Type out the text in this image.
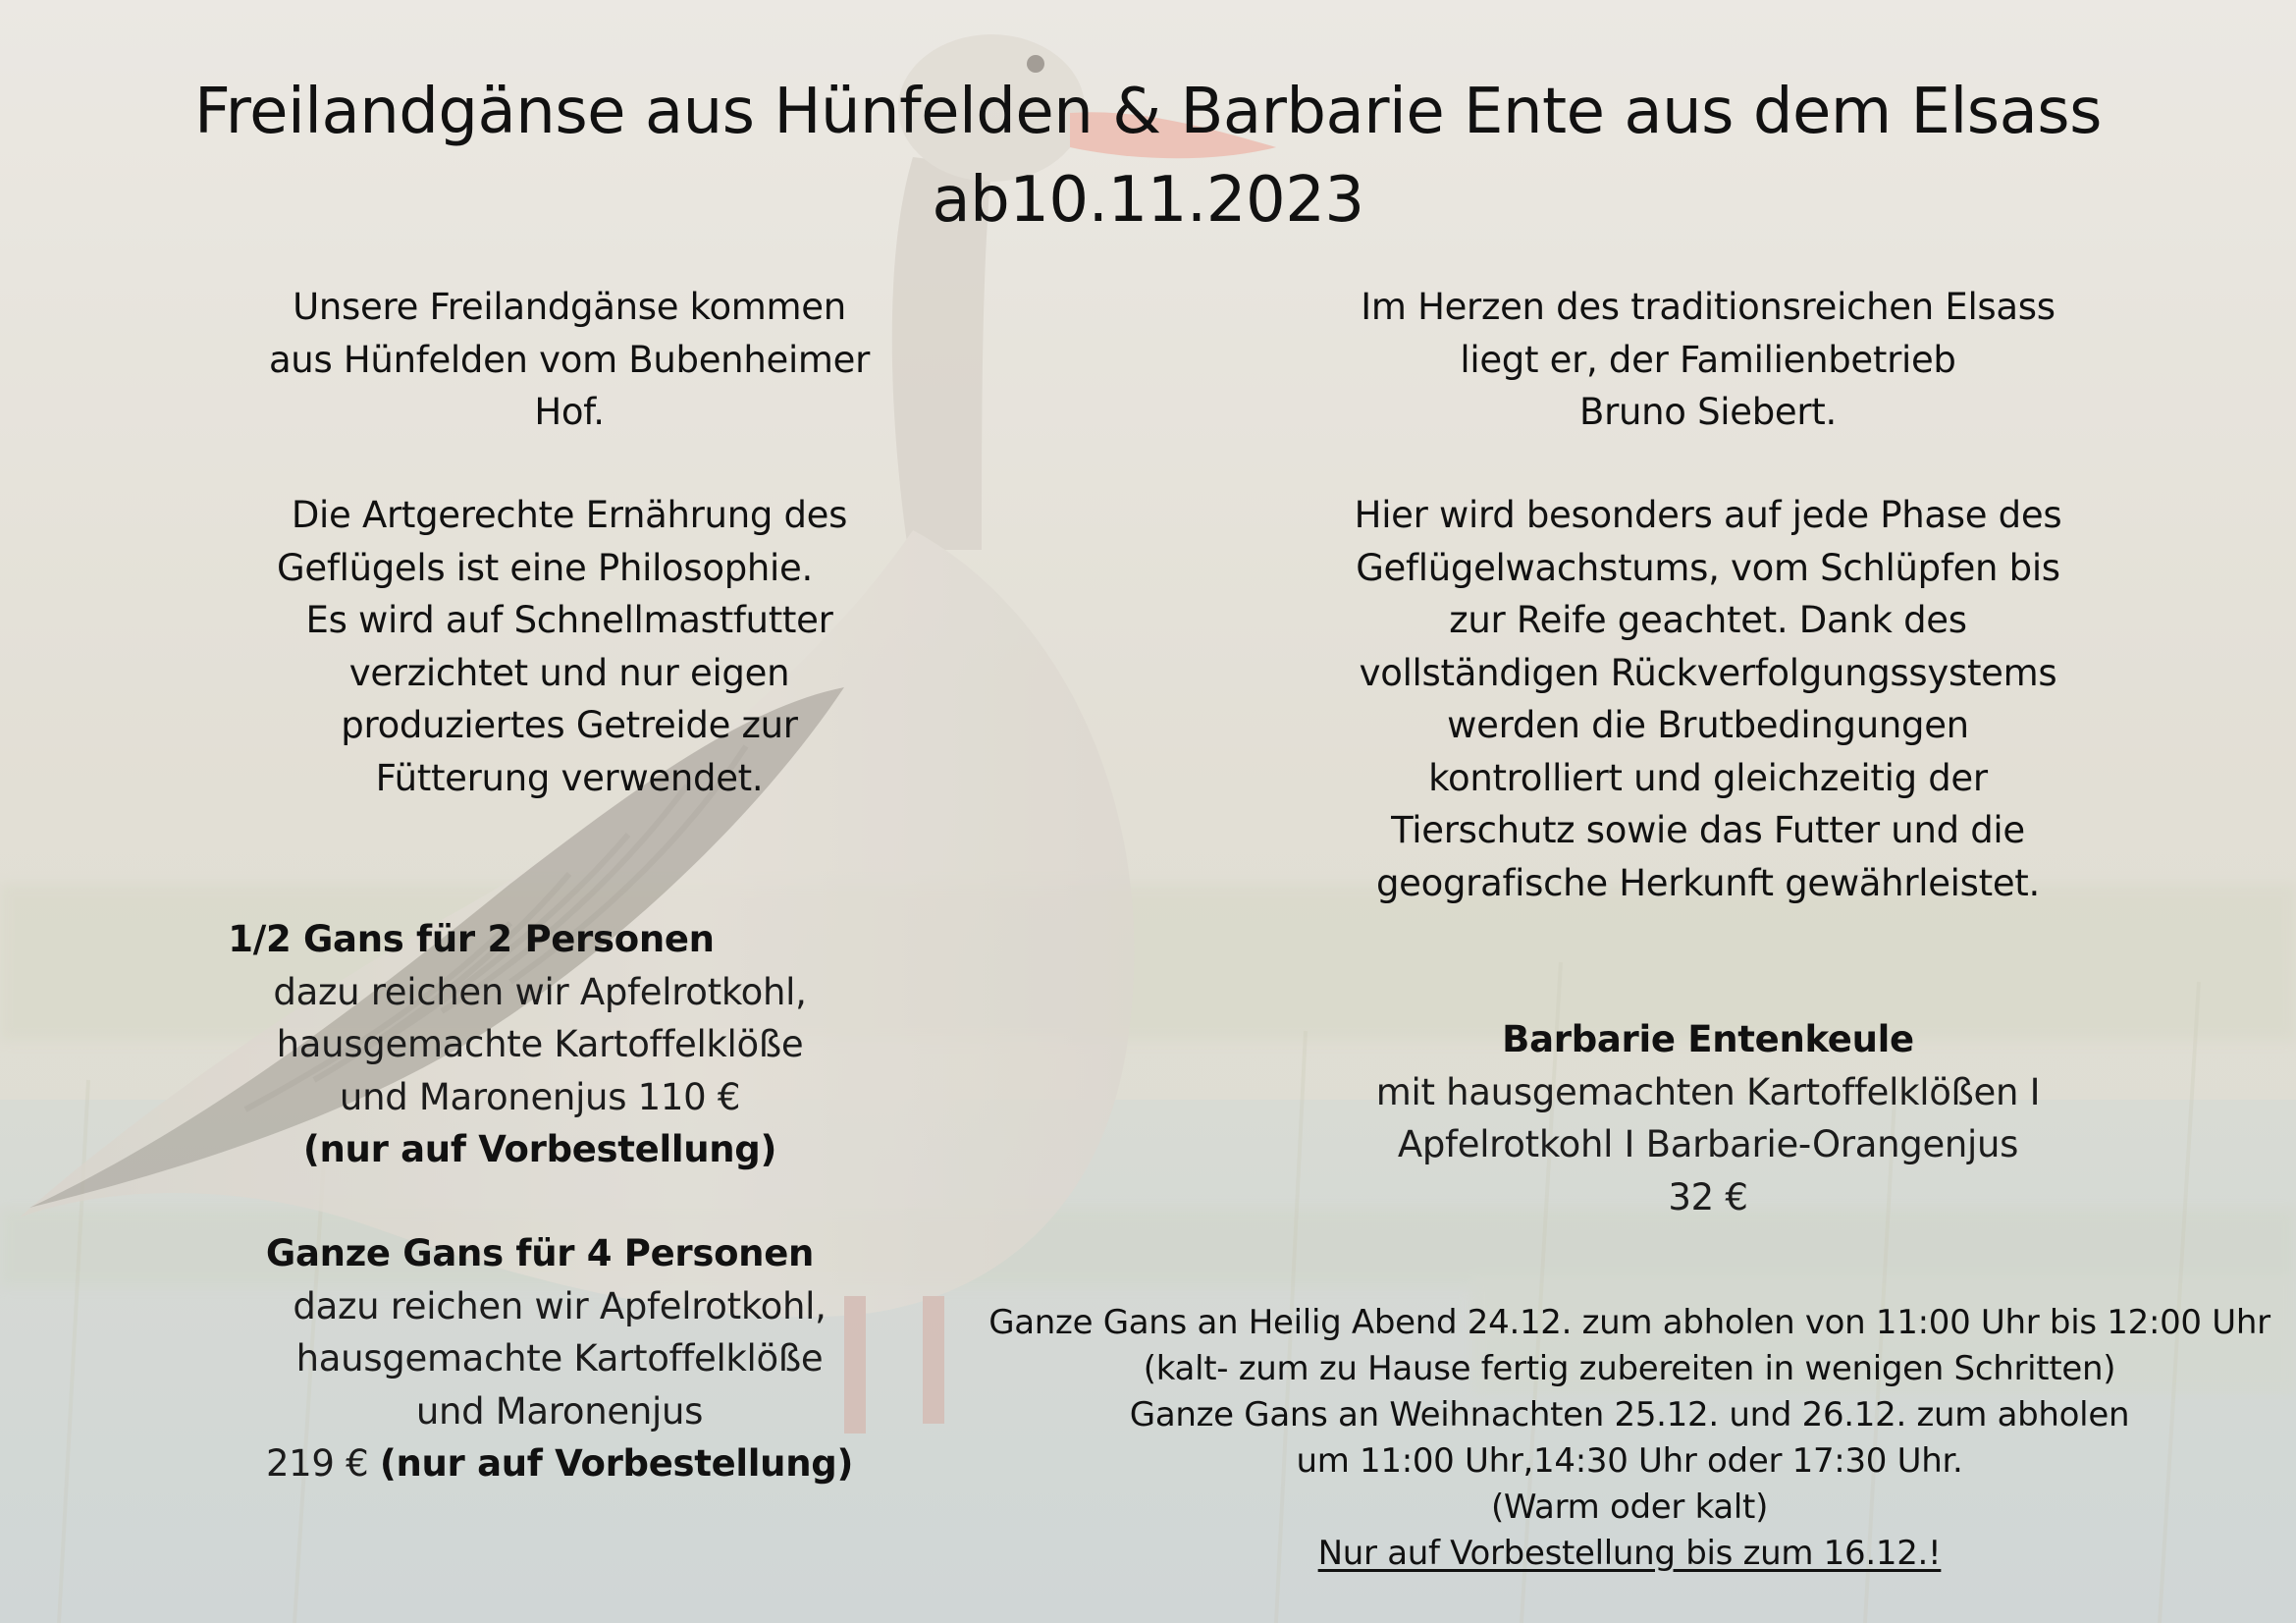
Freilandgänse aus Hünfelden & Barbarie Ente aus dem Elsass
ab10.11.2023
Unsere Freilandgänse kommen
aus Hünfelden vom Bubenheimer
Hof.
Die Artgerechte Ernährung des
Geflügels ist eine Philosophie.
Es wird auf Schnellmastfutter
verzichtet und nur eigen
produziertes Getreide zur
Fütterung verwendet.
1/2 Gans für 2 Personen
dazu reichen wir Apfelrotkohl,
hausgemachte Kartoffelklöße
und Maronenjus 110 €
(nur auf Vorbestellung)
Ganze Gans für 4 Personen
dazu reichen wir Apfelrotkohl,
hausgemachte Kartoffelklöße
und Maronenjus
219 € (nur auf Vorbestellung)
Im Herzen des traditionsreichen Elsass
liegt er, der Familienbetrieb
Bruno Siebert.
Hier wird besonders auf jede Phase des
Geflügelwachstums, vom Schlüpfen bis
zur Reife geachtet. Dank des
vollständigen Rückverfolgungssystems
werden die Brutbedingungen
kontrolliert und gleichzeitig der
Tierschutz sowie das Futter und die
geografische Herkunft gewährleistet.
Barbarie Entenkeule
mit hausgemachten Kartoffelklößen I
Apfelrotkohl I Barbarie-Orangenjus
32 €
Ganze Gans an Heilig Abend 24.12. zum abholen von 11:00 Uhr bis 12:00 Uhr
(kalt- zum zu Hause fertig zubereiten in wenigen Schritten)
Ganze Gans an Weihnachten 25.12. und 26.12. zum abholen
um 11:00 Uhr,14:30 Uhr oder 17:30 Uhr.
(Warm oder kalt)
Nur auf Vorbestellung bis zum 16.12.!
